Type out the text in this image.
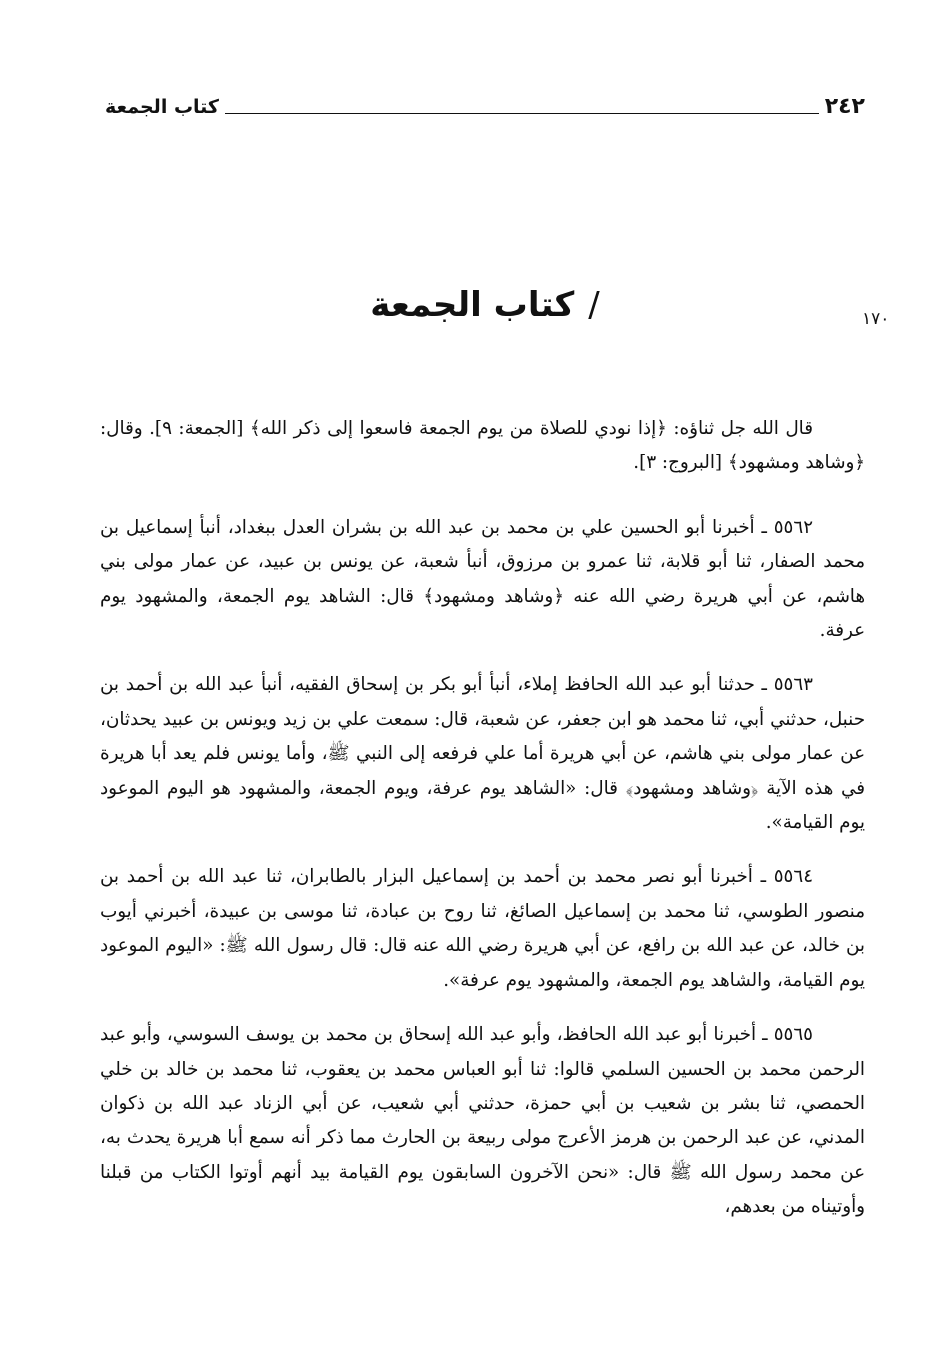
٢٤٢
كتاب الجمعة
١٧٠
/كتاب الجمعة

قال الله جل ثناؤه: ﴿إذا نودي للصلاة من يوم الجمعة فاسعوا إلى ذكر الله﴾ [الجمعة: ٩]. وقال: ﴿وشاهد ومشهود﴾ [البروج: ٣].

٥٥٦٢ ـ أخبرنا أبو الحسين علي بن محمد بن عبد الله بن بشران العدل ببغداد، أنبأ إسماعيل بن محمد الصفار، ثنا أبو قلابة، ثنا عمرو بن مرزوق، أنبأ شعبة، عن يونس بن عبيد، عن عمار مولى بني هاشم، عن أبي هريرة رضي الله عنه ﴿وشاهد ومشهود﴾ قال: الشاهد يوم الجمعة، والمشهود يوم عرفة.

٥٥٦٣ ـ حدثنا أبو عبد الله الحافظ إملاء، أنبأ أبو بكر بن إسحاق الفقيه، أنبأ عبد الله بن أحمد بن حنبل، حدثني أبي، ثنا محمد هو ابن جعفر، عن شعبة، قال: سمعت علي بن زيد ويونس بن عبيد يحدثان، عن عمار مولى بني هاشم، عن أبي هريرة أما علي فرفعه إلى النبي ﷺ، وأما يونس فلم يعد أبا هريرة في هذه الآية ﴿وشاهد ومشهود﴾ قال: «الشاهد يوم عرفة، ويوم الجمعة، والمشهود هو اليوم الموعود يوم القيامة».

٥٥٦٤ ـ أخبرنا أبو نصر محمد بن أحمد بن إسماعيل البزار بالطابران، ثنا عبد الله بن أحمد بن منصور الطوسي، ثنا محمد بن إسماعيل الصائغ، ثنا روح بن عبادة، ثنا موسى بن عبيدة، أخبرني أيوب بن خالد، عن عبد الله بن رافع، عن أبي هريرة رضي الله عنه قال: قال رسول الله ﷺ: «اليوم الموعود يوم القيامة، والشاهد يوم الجمعة، والمشهود يوم عرفة».

٥٥٦٥ ـ أخبرنا أبو عبد الله الحافظ، وأبو عبد الله إسحاق بن محمد بن يوسف السوسي، وأبو عبد الرحمن محمد بن الحسين السلمي قالوا: ثنا أبو العباس محمد بن يعقوب، ثنا محمد بن خالد بن خلي الحمصي، ثنا بشر بن شعيب بن أبي حمزة، حدثني أبي شعيب، عن أبي الزناد عبد الله بن ذكوان المدني، عن عبد الرحمن بن هرمز الأعرج مولى ربيعة بن الحارث مما ذكر أنه سمع أبا هريرة يحدث به، عن محمد رسول الله ﷺ قال: «نحن الآخرون السابقون يوم القيامة بيد أنهم أوتوا الكتاب من قبلنا وأوتيناه من بعدهم،
